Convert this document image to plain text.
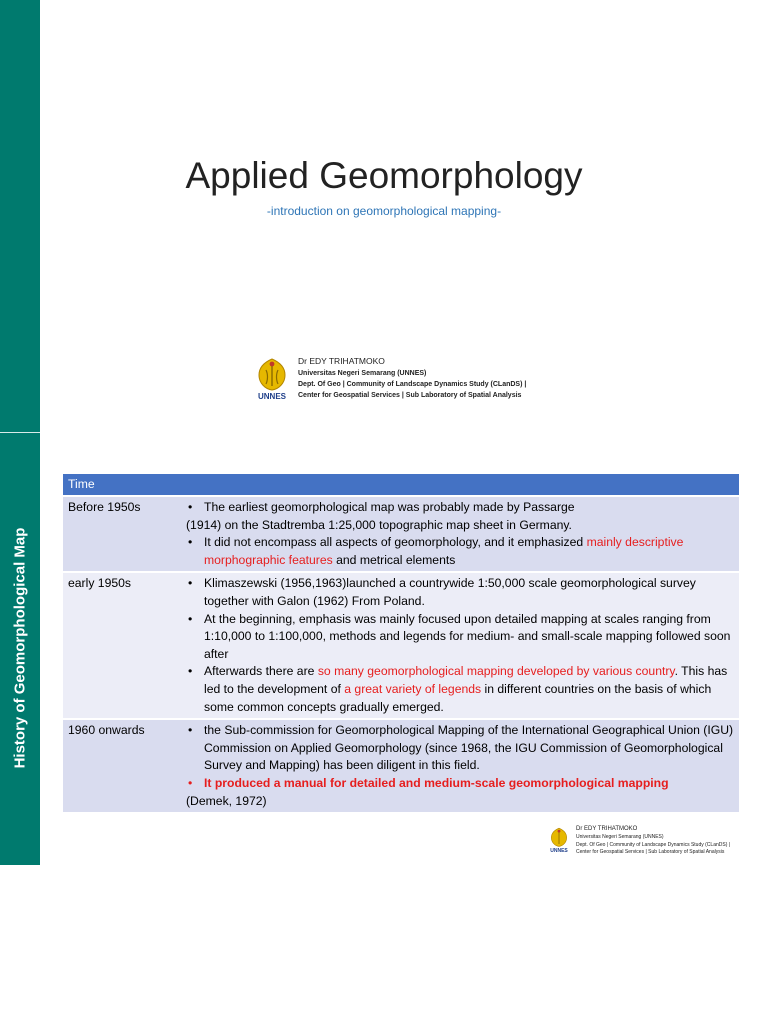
History of Geomorphological Map
Applied Geomorphology
-introduction on geomorphological mapping-
UNNES
Dr EDY TRIHATMOKO
Universitas Negeri Semarang (UNNES)
Dept. Of Geo | Community of Landscape Dynamics Study (CLanDS) |
Center for Geospatial Services | Sub Laboratory of Spatial Analysis
Time	
Before 1950s	• The earliest geomorphological map was probably made by Passarge
(1914) on the Stadtremba 1:25,000 topographic map sheet in Germany.
• It did not encompass all aspects of geomorphology, and it emphasized mainly descriptive morphographic features and metrical elements

early 1950s	• Klimaszewski (1956,1963)launched a countrywide 1:50,000 scale geomorphological survey together with Galon (1962) From Poland.
• At the beginning, emphasis was mainly focused upon detailed mapping at scales ranging from 1:10,000 to 1:100,000, methods and legends for medium- and small-scale mapping followed soon after
• Afterwards there are so many geomorphological mapping developed by various country. This has led to the development of a great variety of legends in different countries on the basis of which some common concepts gradually emerged.

1960 onwards	• the Sub-commission for Geomorphological Mapping of the International Geographical Union (IGU) Commission on Applied Geomorphology (since 1968, the IGU Commission of Geomorphological Survey and Mapping) has been diligent in this field.
• It produced a manual for detailed and medium-scale geomorphological mapping
(Demek, 1972)
UNNES
Dr EDY TRIHATMOKO
Universitas Negeri Semarang (UNNES)
Dept. Of Geo | Community of Landscape Dynamics Study (CLanDS) |
Center for Geospatial Services | Sub Laboratory of Spatial Analysis
